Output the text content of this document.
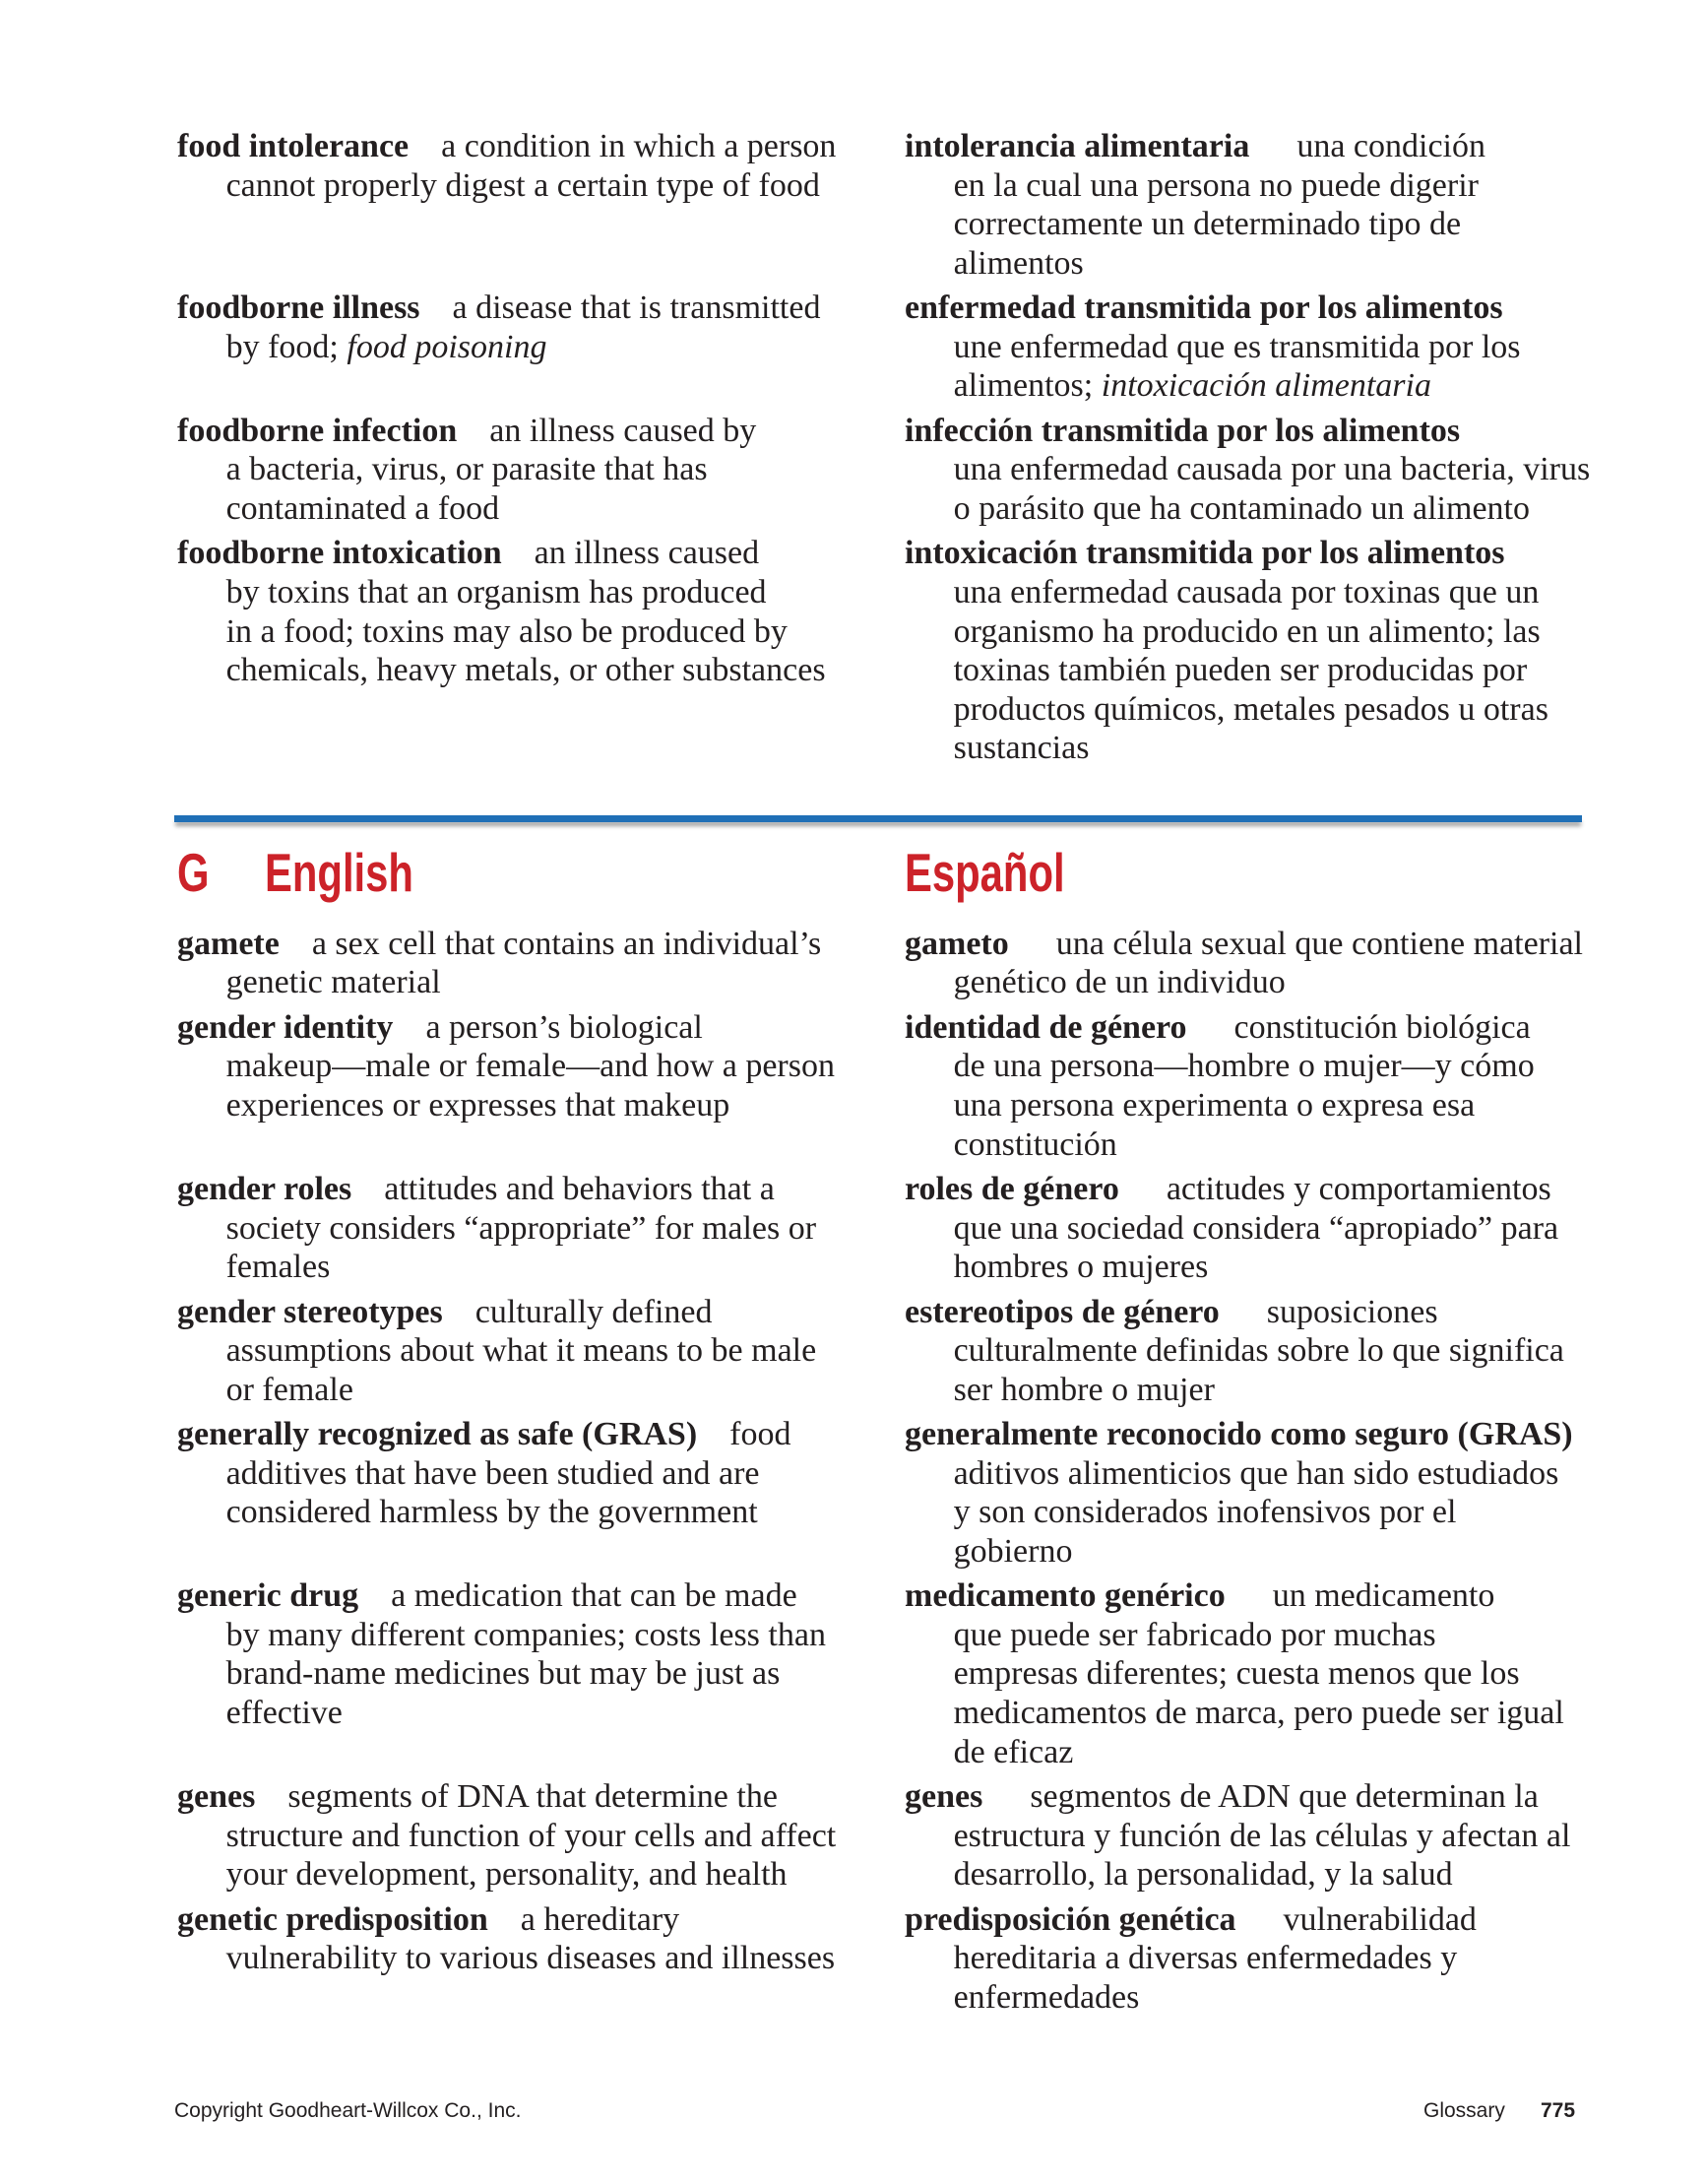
food intolerance a condition in which a person
cannot properly digest a certain type of food

intolerancia alimentaria una condición
en la cual una persona no puede digerir
correctamente un determinado tipo de
alimentos

foodborne illness a disease that is transmitted
by food; food poisoning

enfermedad transmitida por los alimentos
une enfermedad que es transmitida por los
alimentos; intoxicación alimentaria

foodborne infection an illness caused by
a bacteria, virus, or parasite that has
contaminated a food

infección transmitida por los alimentos
una enfermedad causada por una bacteria, virus
o parásito que ha contaminado un alimento

foodborne intoxication an illness caused
by toxins that an organism has produced
in a food; toxins may also be produced by
chemicals, heavy metals, or other substances

intoxicación transmitida por los alimentos
una enfermedad causada por toxinas que un
organismo ha producido en un alimento; las
toxinas también pueden ser producidas por
productos químicos, metales pesados u otras
sustancias

G English	Español

gamete a sex cell that contains an individual’s
genetic material

gameto una célula sexual que contiene material
genético de un individuo

gender identity a person’s biological
makeup—male or female—and how a person
experiences or expresses that makeup

identidad de género constitución biológica
de una persona—hombre o mujer—y cómo
una persona experimenta o expresa esa
constitución

gender roles attitudes and behaviors that a
society considers “appropriate” for males or
females

roles de género actitudes y comportamientos
que una sociedad considera “apropiado” para
hombres o mujeres

gender stereotypes culturally defined
assumptions about what it means to be male
or female

estereotipos de género suposiciones
culturalmente definidas sobre lo que significa
ser hombre o mujer

generally recognized as safe (GRAS) food
additives that have been studied and are
considered harmless by the government

generalmente reconocido como seguro (GRAS)
aditivos alimenticios que han sido estudiados
y son considerados inofensivos por el
gobierno

generic drug a medication that can be made
by many different companies; costs less than
brand-name medicines but may be just as
effective

medicamento genérico un medicamento
que puede ser fabricado por muchas
empresas diferentes; cuesta menos que los
medicamentos de marca, pero puede ser igual
de eficaz

genes segments of DNA that determine the
structure and function of your cells and affect
your development, personality, and health

genes segmentos de ADN que determinan la
estructura y función de las células y afectan al
desarrollo, la personalidad, y la salud

genetic predisposition a hereditary
vulnerability to various diseases and illnesses

predisposición genética vulnerabilidad
hereditaria a diversas enfermedades y
enfermedades

Copyright Goodheart-Willcox Co., Inc.	Glossary 775
